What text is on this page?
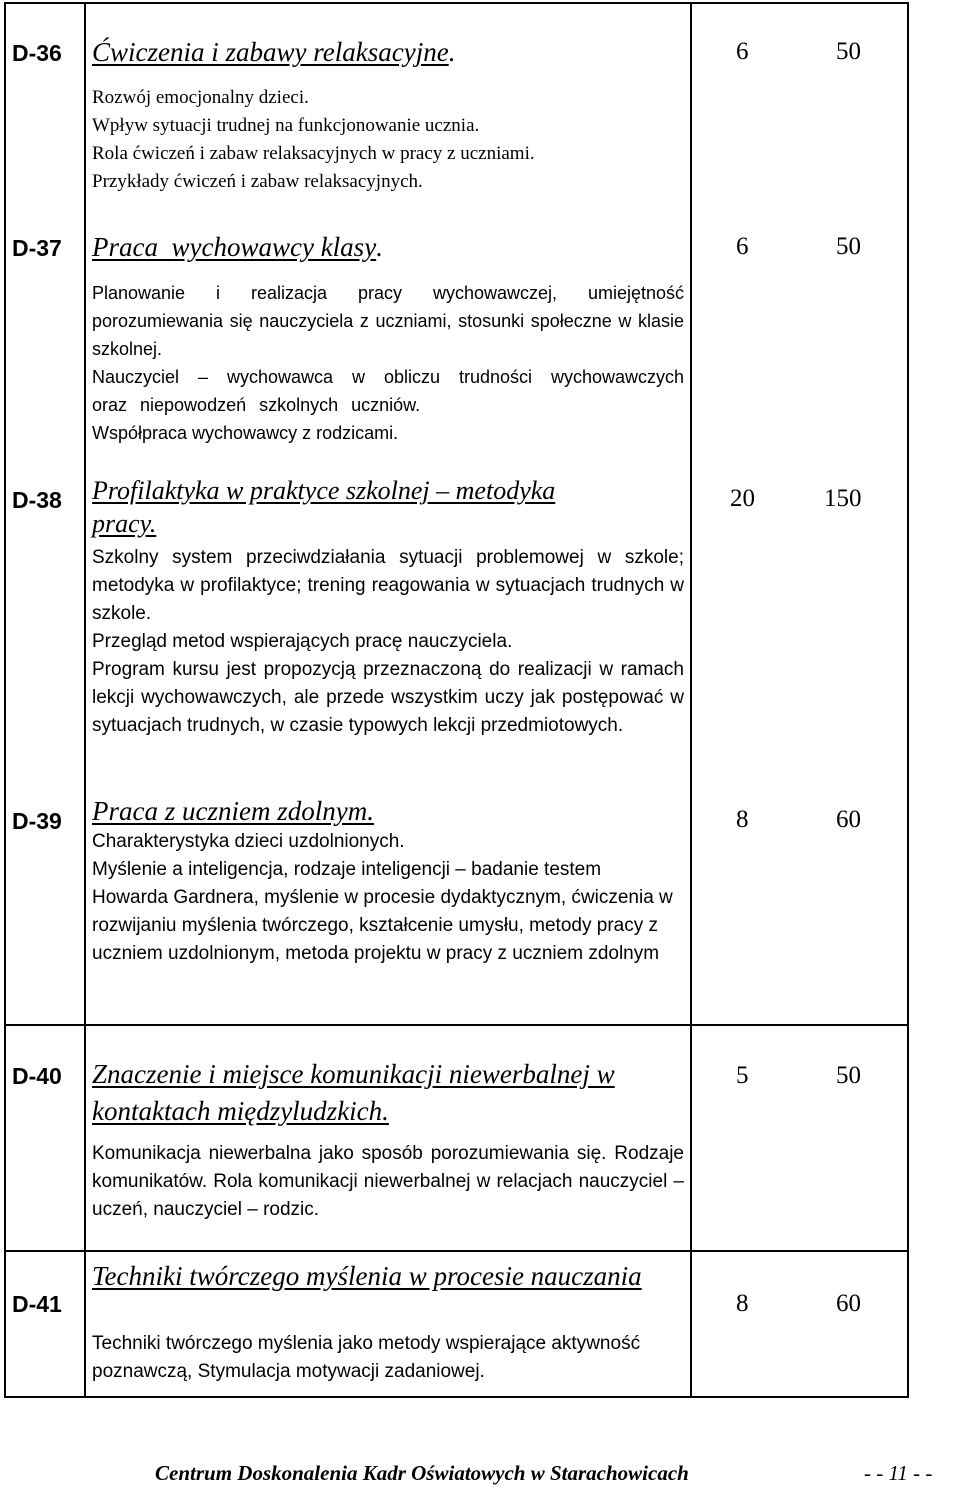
D-36 Ćwiczenia i zabawy relaksacyjne.

Rozwój emocjonalny dzieci.

Wpływ sytuacji trudnej na funkcjonowanie ucznia.

Rola ćwiczeń i zabaw relaksacyjnych w pracy z uczniami.

Przykłady ćwiczeń i zabaw relaksacyjnych.

6	50
D-37 Praca  wychowawcy klasy.

Planowanie i realizacja pracy wychowawczej, umiejętność porozumiewania się nauczyciela z uczniami, stosunki społeczne w klasie szkolnej.

Nauczyciel – wychowawca w obliczu trudności wychowawczych oraz niepowodzeń szkolnych uczniów.

Współpraca wychowawcy z rodzicami.

6	50
D-38 Profilaktyka w praktyce szkolnej – metodyka pracy.

Szkolny system przeciwdziałania sytuacji problemowej w szkole; metodyka w profilaktyce; trening reagowania w sytuacjach trudnych w szkole.

Przegląd metod wspierających pracę nauczyciela.

Program kursu jest propozycją przeznaczoną do realizacji w ramach lekcji wychowawczych, ale przede wszystkim uczy jak postępować w sytuacjach trudnych, w czasie typowych lekcji przedmiotowych.

20	150
D-39 Praca z uczniem zdolnym.

Charakterystyka dzieci uzdolnionych.

Myślenie a inteligencja, rodzaje inteligencji – badanie testem Howarda Gardnera, myślenie w procesie dydaktycznym, ćwiczenia w rozwijaniu myślenia twórczego, kształcenie umysłu, metody pracy z uczniem uzdolnionym, metoda projektu w pracy z uczniem zdolnym

8	60
D-40 Znaczenie i miejsce komunikacji niewerbalnej w kontaktach międzyludzkich.

Komunikacja niewerbalna jako sposób porozumiewania się. Rodzaje komunikatów. Rola komunikacji niewerbalnej w relacjach nauczyciel – uczeń, nauczyciel – rodzic.

5	50
D-41
Techniki twórczego myślenia w procesie nauczania

Techniki twórczego myślenia jako metody wspierające aktywność poznawczą, Stymulacja motywacji zadaniowej.

8	60
Centrum Doskonalenia Kadr Oświatowych w Starachowicach	- - 11 - -
